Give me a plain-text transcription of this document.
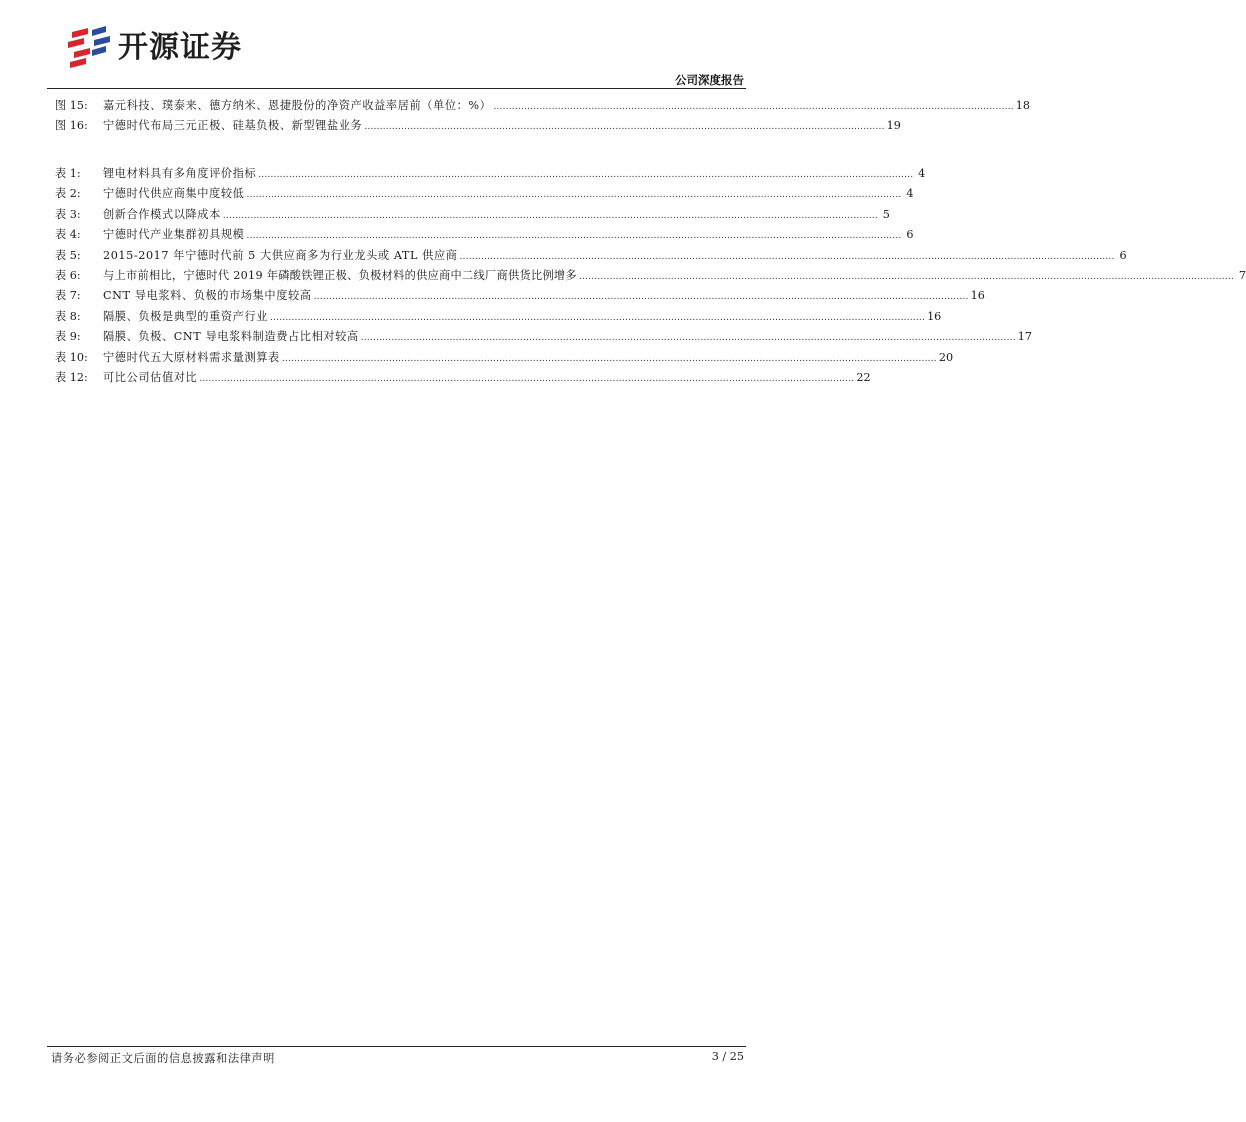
开源证券
公司深度报告
图 15:	嘉元科技、璞泰来、德方纳米、恩捷股份的净资产收益率居前（单位：%） .......................................................................................................................................................................... 18
图 16:	宁德时代布局三元正极、硅基负极、新型锂盐业务 .......................................................................................................................................................................... 19
表 1:	锂电材料具有多角度评价指标 ...................................................................................................................................................................................................................... 4
表 2:	宁德时代供应商集中度较低 ...................................................................................................................................................................................................................... 4
表 3:	创新合作模式以降成本 ...................................................................................................................................................................................................................... 5
表 4:	宁德时代产业集群初具规模 ...................................................................................................................................................................................................................... 6
表 5:	2015-2017 年宁德时代前 5 大供应商多为行业龙头或 ATL 供应商 ...................................................................................................................................................................................................................... 6
表 6:	与上市前相比，宁德时代 2019 年磷酸铁锂正极、负极材料的供应商中二线厂商供货比例增多 ...................................................................................................................................................................................................................... 7
表 7:	CNT 导电浆料、负极的市场集中度较高 ...................................................................................................................................................................................................................... 16
表 8:	隔膜、负极是典型的重资产行业 ...................................................................................................................................................................................................................... 16
表 9:	隔膜、负极、CNT 导电浆料制造费占比相对较高 ...................................................................................................................................................................................................................... 17
表 10:	宁德时代五大原材料需求量测算表 ...................................................................................................................................................................................................................... 20
表 12:	可比公司估值对比 ...................................................................................................................................................................................................................... 22
请务必参阅正文后面的信息披露和法律声明	3 / 25
